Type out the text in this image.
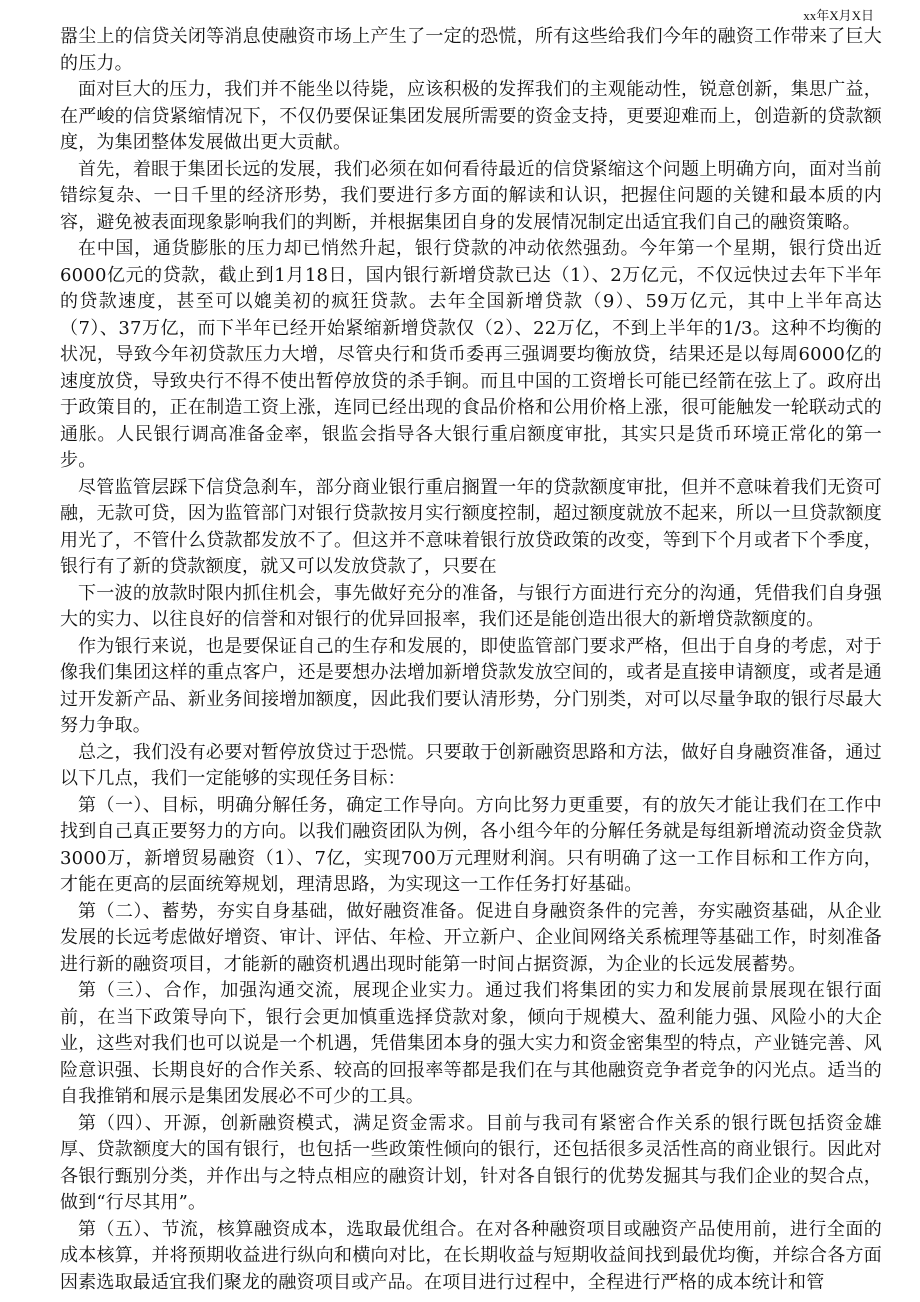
xx年X月X日

嚣尘上的信贷关闭等消息使融资市场上产生了一定的恐慌，所有这些给我们今年的融资工作带来了巨大的压力。

面对巨大的压力，我们并不能坐以待毙，应该积极的发挥我们的主观能动性，锐意创新，集思广益，在严峻的信贷紧缩情况下，不仅仍要保证集团发展所需要的资金支持，更要迎难而上，创造新的贷款额度，为集团整体发展做出更大贡献。

首先，着眼于集团长远的发展，我们必须在如何看待最近的信贷紧缩这个问题上明确方向，面对当前错综复杂、一日千里的经济形势，我们要进行多方面的解读和认识，把握住问题的关键和最本质的内容，避免被表面现象影响我们的判断，并根据集团自身的发展情况制定出适宜我们自己的融资策略。

在中国，通货膨胀的压力却已悄然升起，银行贷款的冲动依然强劲。今年第一个星期，银行贷出近6000亿元的贷款，截止到1月18日，国内银行新增贷款已达（1）、2万亿元，不仅远快过去年下半年的贷款速度，甚至可以媲美初的疯狂贷款。去年全国新增贷款（9）、59万亿元，其中上半年高达（7）、37万亿，而下半年已经开始紧缩新增贷款仅（2）、22万亿，不到上半年的1/3。这种不均衡的状况，导致今年初贷款压力大增，尽管央行和货币委再三强调要均衡放贷，结果还是以每周6000亿的速度放贷，导致央行不得不使出暂停放贷的杀手锏。而且中国的工资增长可能已经箭在弦上了。政府出于政策目的，正在制造工资上涨，连同已经出现的食品价格和公用价格上涨，很可能触发一轮联动式的通胀。人民银行调高准备金率，银监会指导各大银行重启额度审批，其实只是货币环境正常化的第一步。

尽管监管层踩下信贷急刹车，部分商业银行重启搁置一年的贷款额度审批，但并不意味着我们无资可融，无款可贷，因为监管部门对银行贷款按月实行额度控制，超过额度就放不起来，所以一旦贷款额度用光了，不管什么贷款都发放不了。但这并不意味着银行放贷政策的改变，等到下个月或者下个季度，银行有了新的贷款额度，就又可以发放贷款了，只要在

下一波的放款时限内抓住机会，事先做好充分的准备，与银行方面进行充分的沟通，凭借我们自身强大的实力、以往良好的信誉和对银行的优异回报率，我们还是能创造出很大的新增贷款额度的。

作为银行来说，也是要保证自己的生存和发展的，即使监管部门要求严格，但出于自身的考虑，对于像我们集团这样的重点客户，还是要想办法增加新增贷款发放空间的，或者是直接申请额度，或者是通过开发新产品、新业务间接增加额度，因此我们要认清形势，分门别类，对可以尽量争取的银行尽最大努力争取。

总之，我们没有必要对暂停放贷过于恐慌。只要敢于创新融资思路和方法，做好自身融资准备，通过以下几点，我们一定能够的实现任务目标：

第（一）、目标，明确分解任务，确定工作导向。方向比努力更重要，有的放矢才能让我们在工作中找到自己真正要努力的方向。以我们融资团队为例，各小组今年的分解任务就是每组新增流动资金贷款3000万，新增贸易融资（1）、7亿，实现700万元理财利润。只有明确了这一工作目标和工作方向，才能在更高的层面统筹规划，理清思路，为实现这一工作任务打好基础。

第（二）、蓄势，夯实自身基础，做好融资准备。促进自身融资条件的完善，夯实融资基础，从企业发展的长远考虑做好增资、审计、评估、年检、开立新户、企业间网络关系梳理等基础工作，时刻准备进行新的融资项目，才能新的融资机遇出现时能第一时间占据资源，为企业的长远发展蓄势。

第（三）、合作，加强沟通交流，展现企业实力。通过我们将集团的实力和发展前景展现在银行面前，在当下政策导向下，银行会更加慎重选择贷款对象，倾向于规模大、盈利能力强、风险小的大企业，这些对我们也可以说是一个机遇，凭借集团本身的强大实力和资金密集型的特点，产业链完善、风险意识强、长期良好的合作关系、较高的回报率等都是我们在与其他融资竞争者竞争的闪光点。适当的自我推销和展示是集团发展必不可少的工具。

第（四）、开源，创新融资模式，满足资金需求。目前与我司有紧密合作关系的银行既包括资金雄厚、贷款额度大的国有银行，也包括一些政策性倾向的银行，还包括很多灵活性高的商业银行。因此对各银行甄别分类，并作出与之特点相应的融资计划，针对各自银行的优势发掘其与我们企业的契合点，做到“行尽其用”。

第（五）、节流，核算融资成本，选取最优组合。在对各种融资项目或融资产品使用前，进行全面的成本核算，并将预期收益进行纵向和横向对比，在长期收益与短期收益间找到最优均衡，并综合各方面因素选取最适宜我们聚龙的融资项目或产品。在项目进行过程中，全程进行严格的成本统计和管
